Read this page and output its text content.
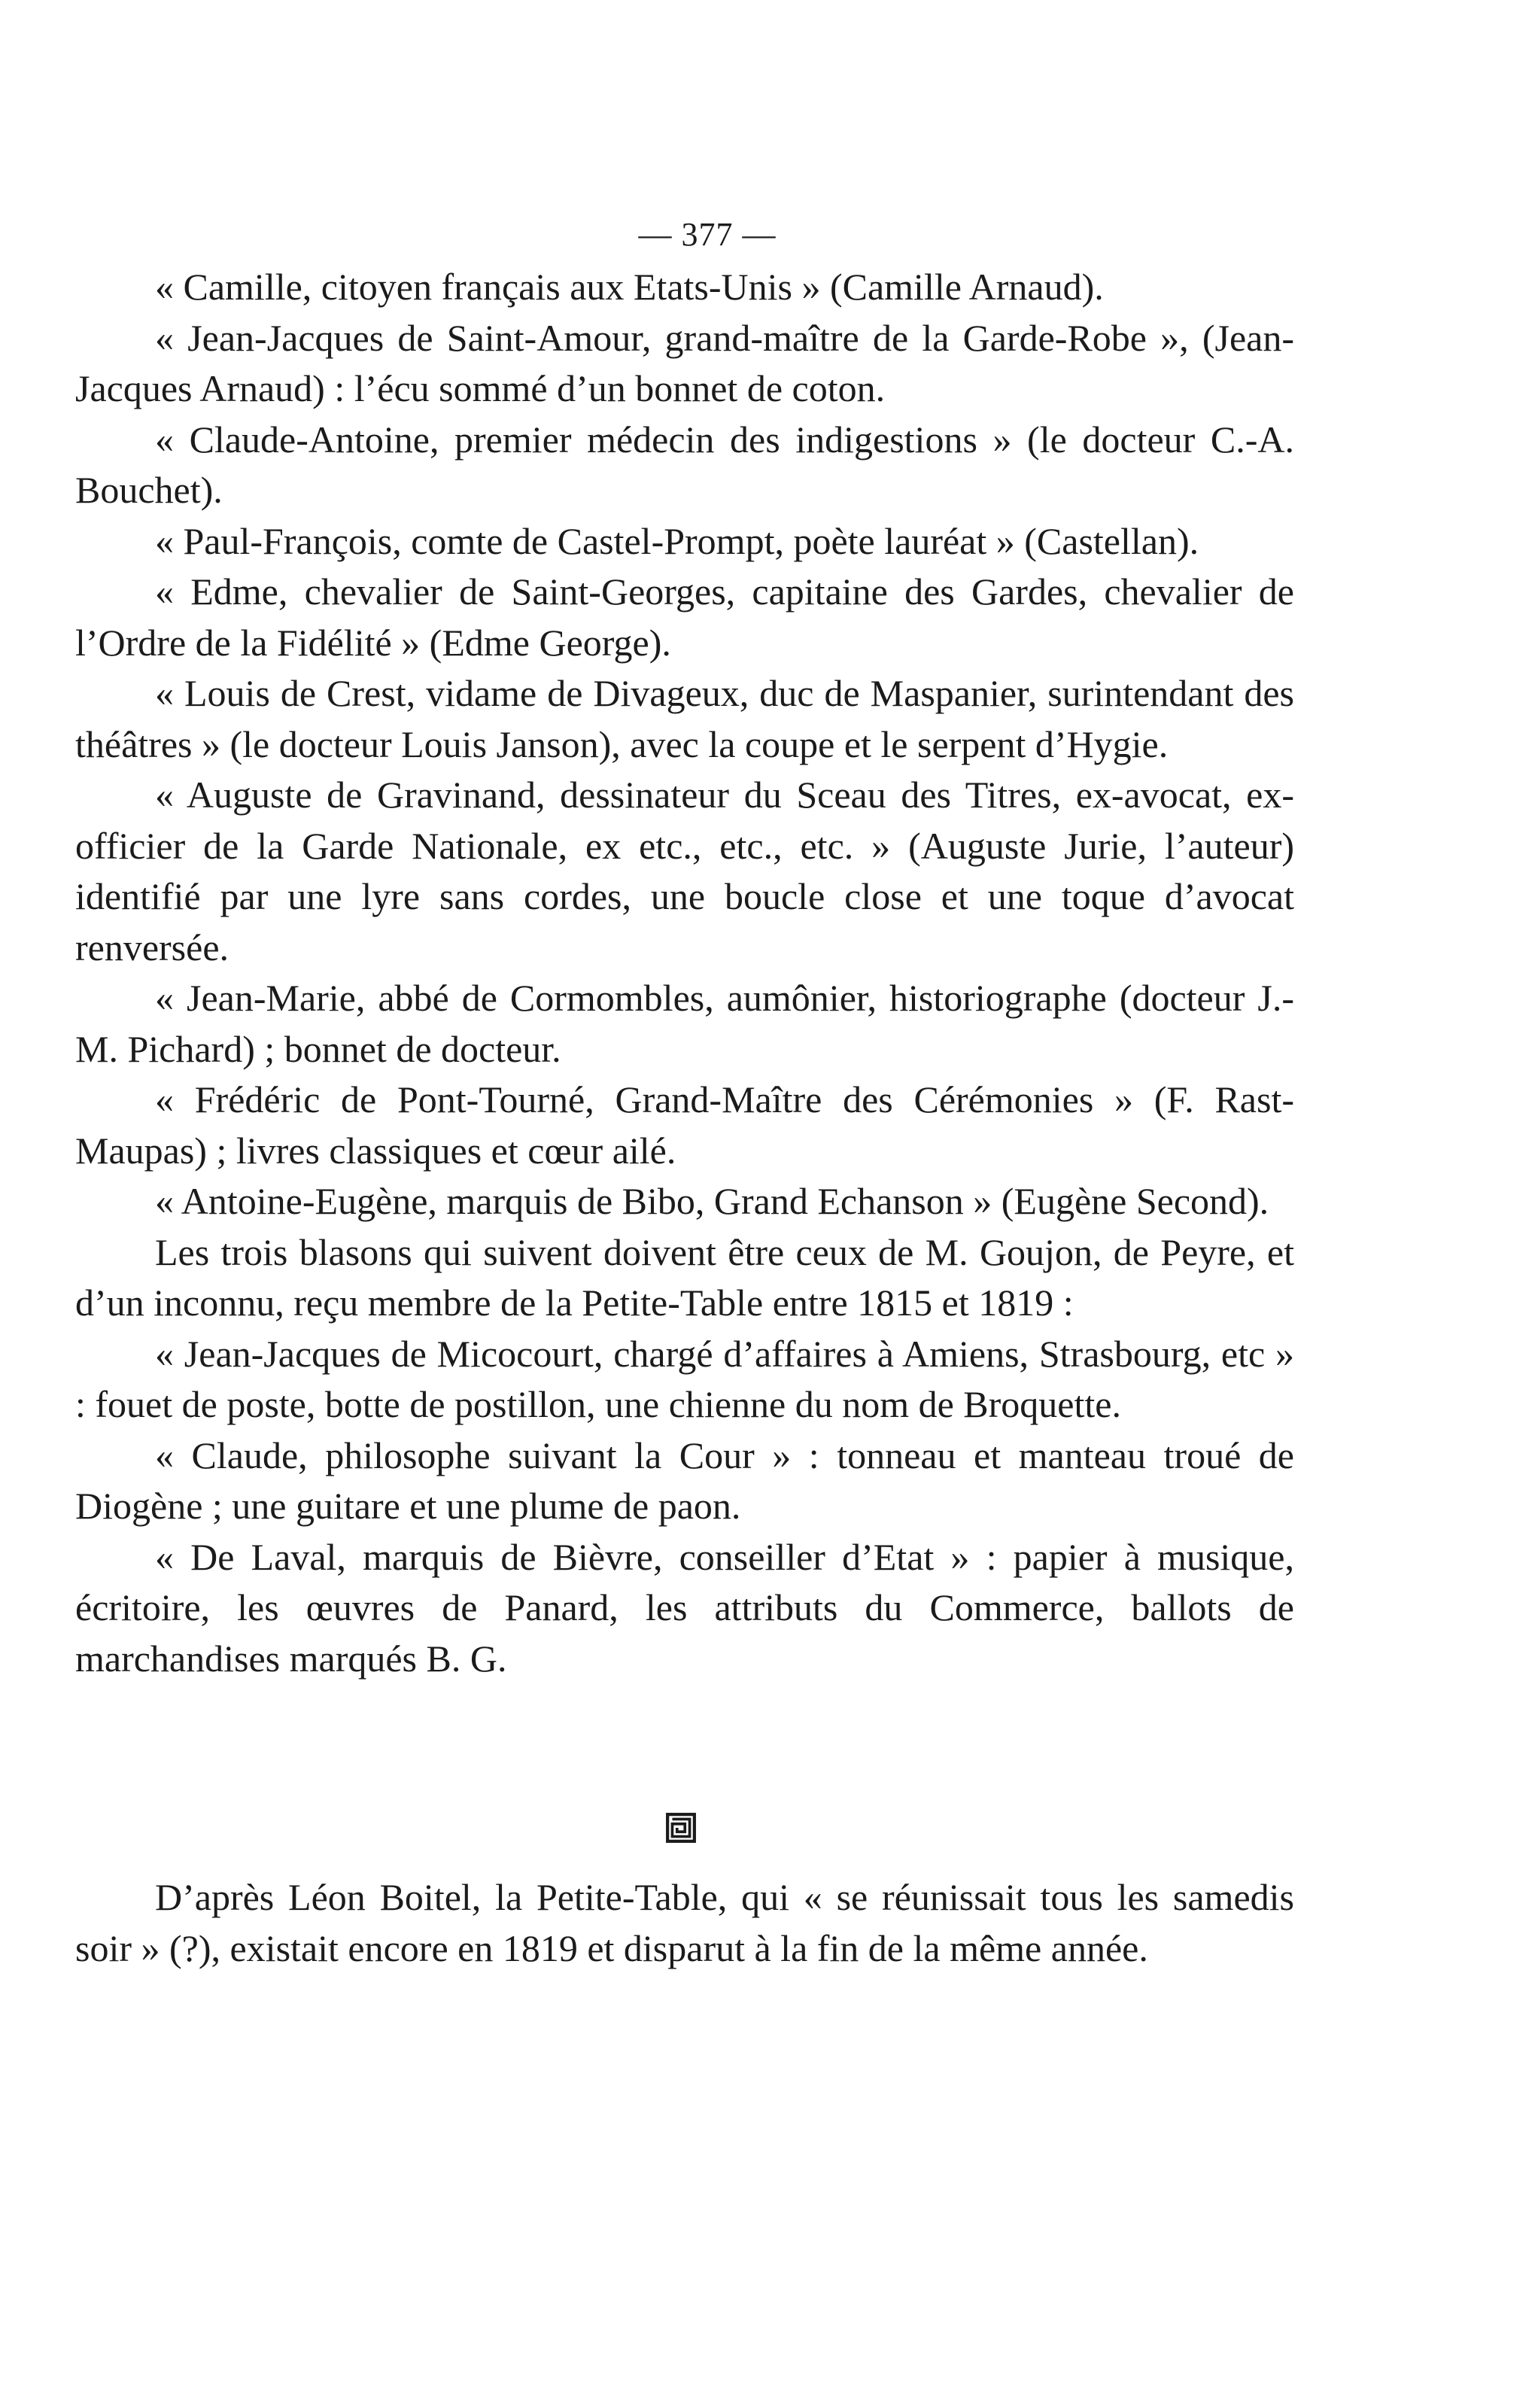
— 377 —

« Camille, citoyen français aux Etats-Unis » (Camille Arnaud).

« Jean-Jacques de Saint-Amour, grand-maître de la Garde-Robe », (Jean-Jacques Arnaud) : l’écu sommé d’un bonnet de coton.

« Claude-Antoine, premier médecin des indigestions » (le docteur C.-A. Bouchet).

« Paul-François, comte de Castel-Prompt, poète lauréat » (Castellan).

« Edme, chevalier de Saint-Georges, capitaine des Gardes, chevalier de l’Ordre de la Fidélité » (Edme George).

« Louis de Crest, vidame de Divageux, duc de Maspanier, surintendant des théâtres » (le docteur Louis Janson), avec la coupe et le serpent d’Hygie.

« Auguste de Gravinand, dessinateur du Sceau des Titres, ex-avocat, ex-officier de la Garde Nationale, ex etc., etc., etc. » (Auguste Jurie, l’auteur) identifié par une lyre sans cordes, une boucle close et une toque d’avocat renversée.

« Jean-Marie, abbé de Cormombles, aumônier, historiographe (docteur J.-M. Pichard) ; bonnet de docteur.

« Frédéric de Pont-Tourné, Grand-Maître des Cérémonies » (F. Rast-Maupas) ; livres classiques et cœur ailé.

« Antoine-Eugène, marquis de Bibo, Grand Echanson » (Eugène Second).

Les trois blasons qui suivent doivent être ceux de M. Goujon, de Peyre, et d’un inconnu, reçu membre de la Petite-Table entre 1815 et 1819 :

« Jean-Jacques de Micocourt, chargé d’affaires à Amiens, Strasbourg, etc » : fouet de poste, botte de postillon, une chienne du nom de Broquette.

« Claude, philosophe suivant la Cour » : tonneau et manteau troué de Diogène ; une guitare et une plume de paon.

« De Laval, marquis de Bièvre, conseiller d’Etat » : papier à musique, écritoire, les œuvres de Panard, les attributs du Commerce, ballots de marchandises marqués B. G.

D’après Léon Boitel, la Petite-Table, qui « se réunissait tous les samedis soir » (?), existait encore en 1819 et disparut à la fin de la même année.
